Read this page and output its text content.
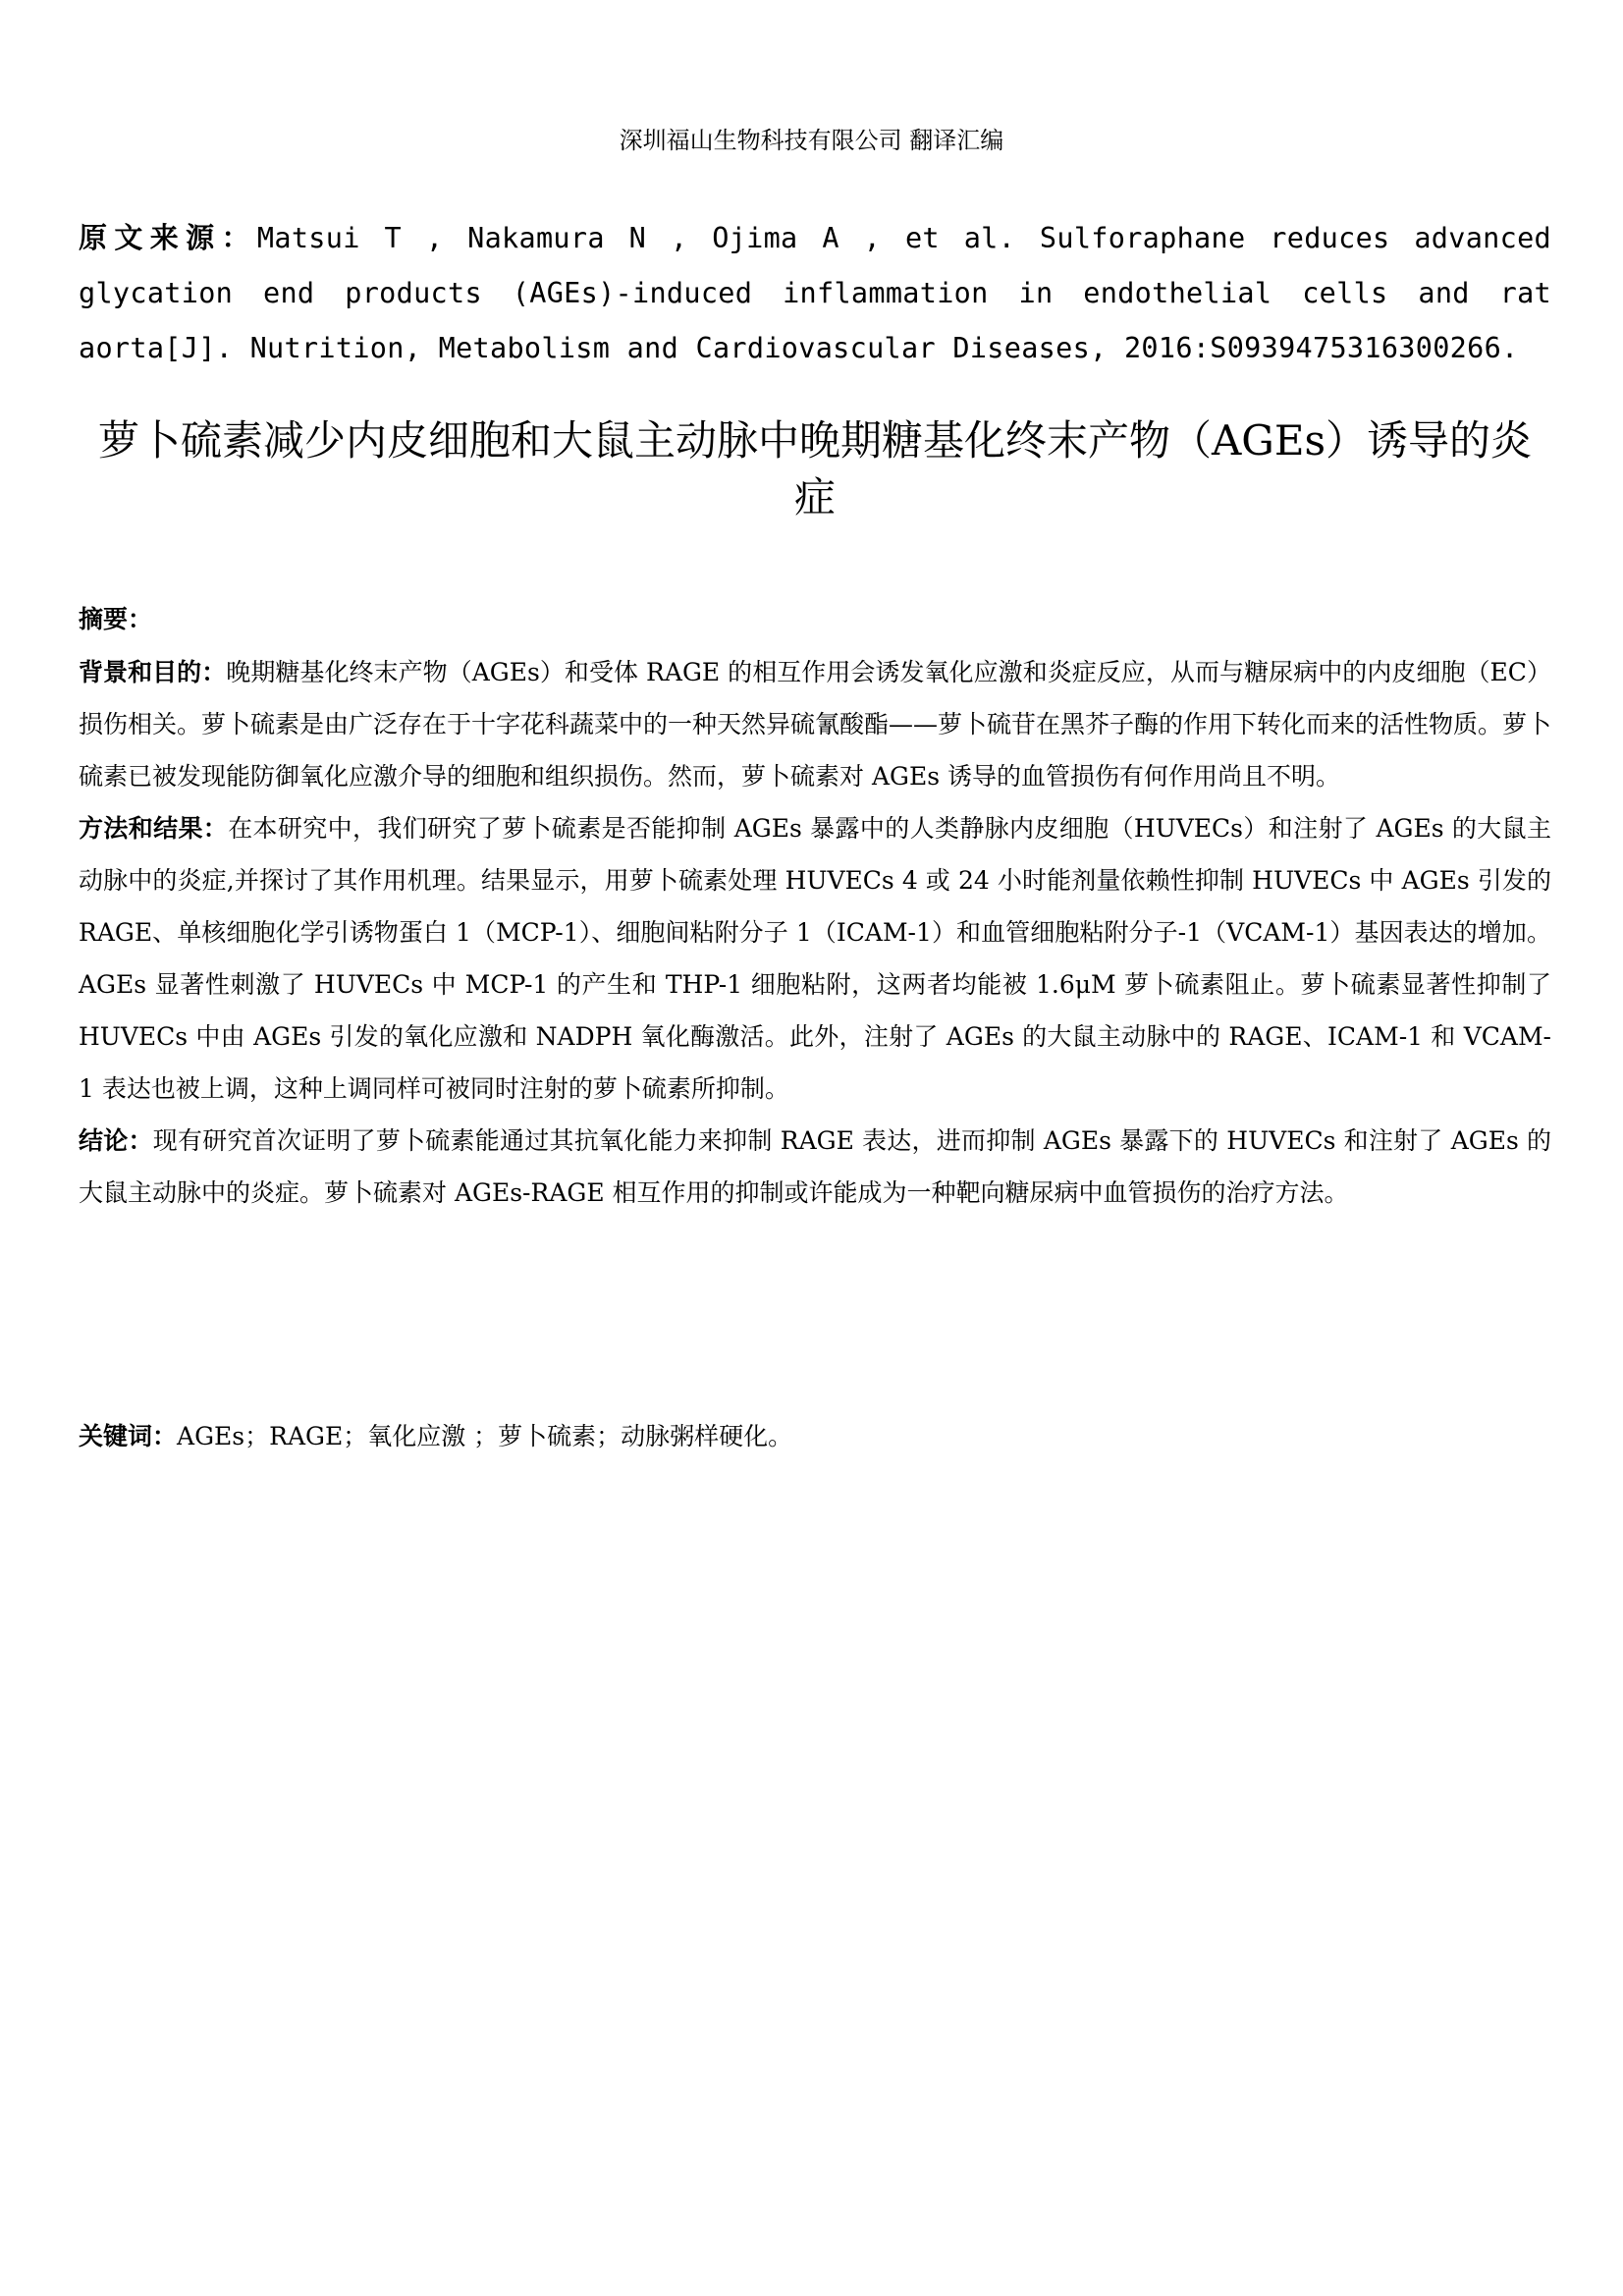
深圳福山生物科技有限公司 翻译汇编
原文来源：Matsui T , Nakamura N , Ojima A , et al. Sulforaphane reduces advanced glycation end products (AGEs)-induced inflammation in endothelial cells and rat aorta[J]. Nutrition, Metabolism and Cardiovascular Diseases, 2016:S0939475316300266.
萝卜硫素减少内皮细胞和大鼠主动脉中晚期糖基化终末产物（AGEs）诱导的炎症

摘要：

背景和目的：晚期糖基化终末产物（AGEs）和受体 RAGE 的相互作用会诱发氧化应激和炎症反应，从而与糖尿病中的内皮细胞（EC）损伤相关。萝卜硫素是由广泛存在于十字花科蔬菜中的一种天然异硫氰酸酯——萝卜硫苷在黑芥子酶的作用下转化而来的活性物质。萝卜硫素已被发现能防御氧化应激介导的细胞和组织损伤。然而，萝卜硫素对 AGEs 诱导的血管损伤有何作用尚且不明。

方法和结果：在本研究中，我们研究了萝卜硫素是否能抑制 AGEs 暴露中的人类静脉内皮细胞（HUVECs）和注射了 AGEs 的大鼠主动脉中的炎症,并探讨了其作用机理。结果显示，用萝卜硫素处理 HUVECs 4 或 24 小时能剂量依赖性抑制 HUVECs 中 AGEs 引发的 RAGE、单核细胞化学引诱物蛋白 1（MCP-1）、细胞间粘附分子 1（ICAM-1）和血管细胞粘附分子-1（VCAM-1）基因表达的增加。AGEs 显著性刺激了 HUVECs 中 MCP-1 的产生和 THP-1 细胞粘附，这两者均能被 1.6μM 萝卜硫素阻止。萝卜硫素显著性抑制了 HUVECs 中由 AGEs 引发的氧化应激和 NADPH 氧化酶激活。此外，注射了 AGEs 的大鼠主动脉中的 RAGE、ICAM-1 和 VCAM-1 表达也被上调，这种上调同样可被同时注射的萝卜硫素所抑制。

结论：现有研究首次证明了萝卜硫素能通过其抗氧化能力来抑制 RAGE 表达，进而抑制 AGEs 暴露下的 HUVECs 和注射了 AGEs 的大鼠主动脉中的炎症。萝卜硫素对 AGEs-RAGE 相互作用的抑制或许能成为一种靶向糖尿病中血管损伤的治疗方法。

关键词：AGEs；RAGE；氧化应激 ；萝卜硫素；动脉粥样硬化。
